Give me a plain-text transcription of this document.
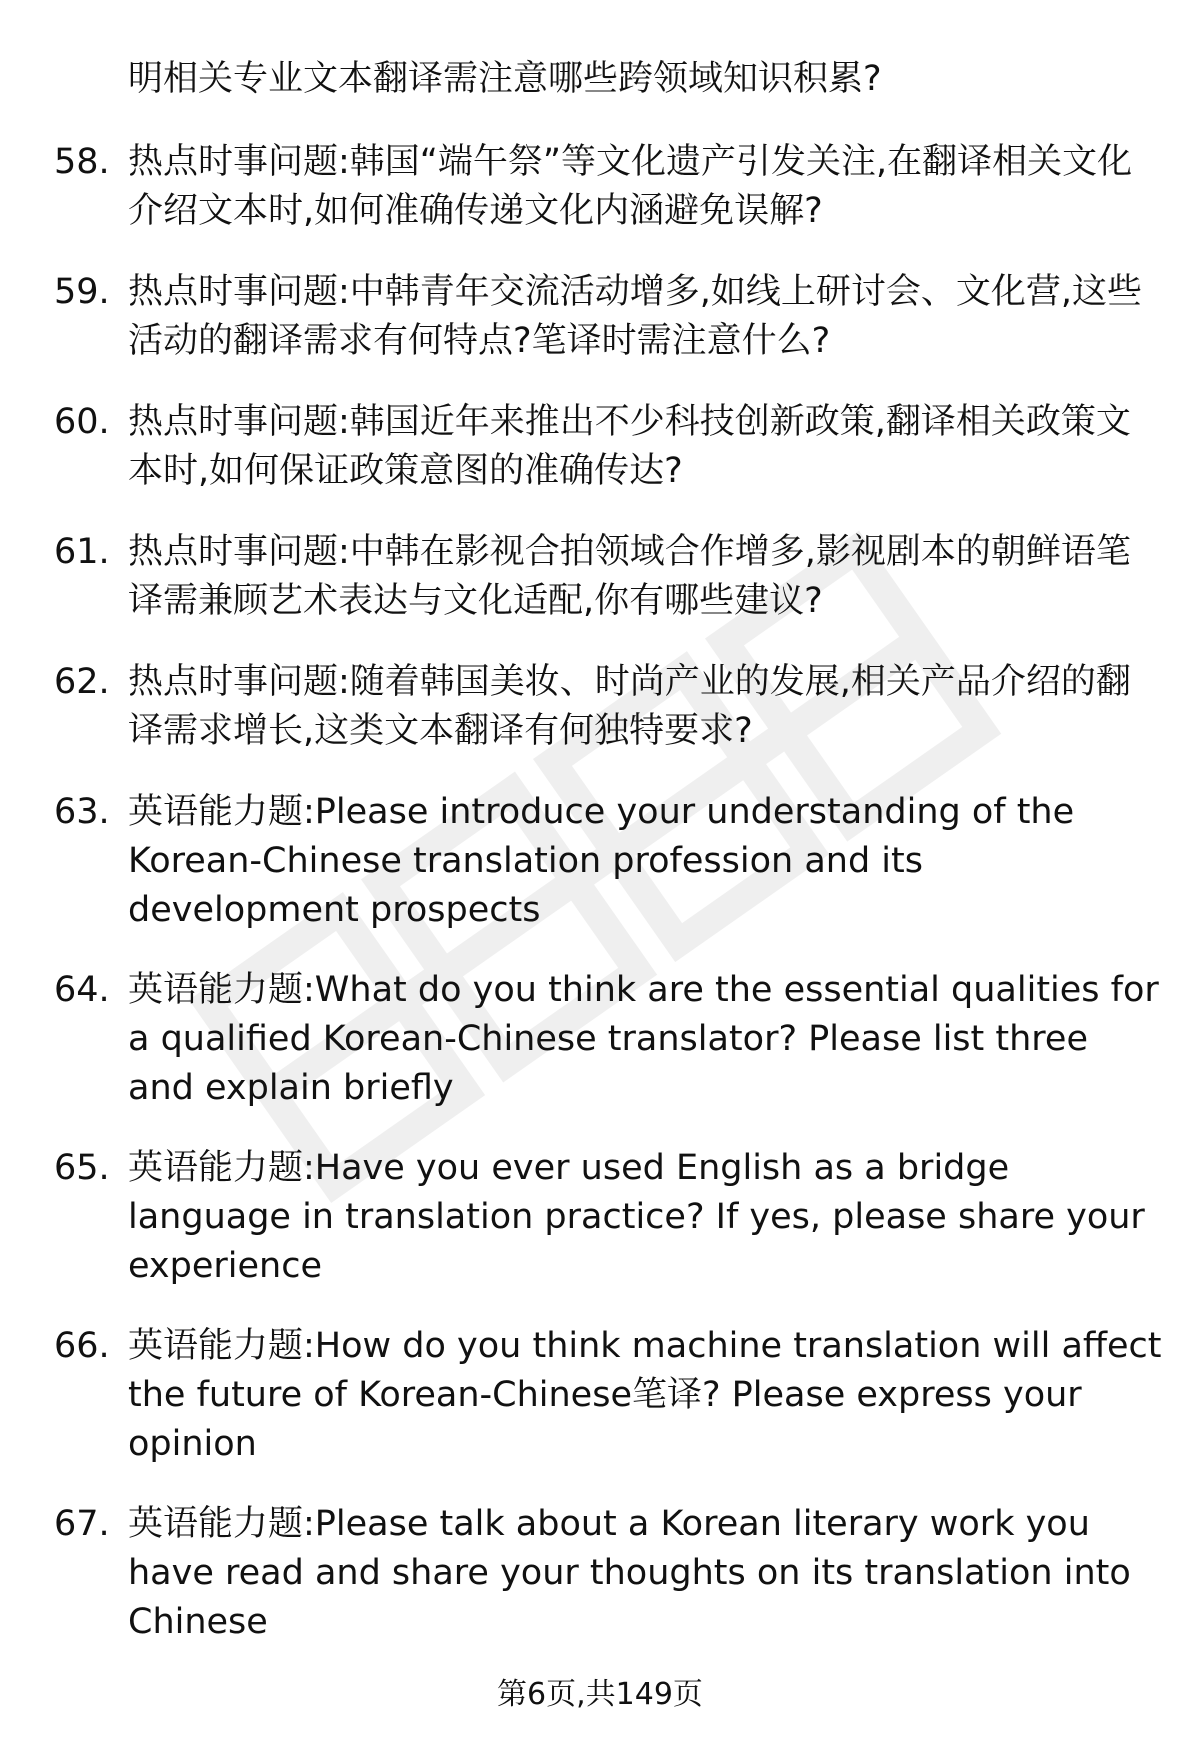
明相关专业文本翻译需注意哪些跨领域知识积累?

58. 热点时事问题:韩国“端午祭”等文化遗产引发关注,在翻译相关文化介绍文本时,如何准确传递文化内涵避免误解?
59. 热点时事问题:中韩青年交流活动增多,如线上研讨会、文化营,这些活动的翻译需求有何特点?笔译时需注意什么?
60. 热点时事问题:韩国近年来推出不少科技创新政策,翻译相关政策文本时,如何保证政策意图的准确传达?
61. 热点时事问题:中韩在影视合拍领域合作增多,影视剧本的朝鲜语笔译需兼顾艺术表达与文化适配,你有哪些建议?
62. 热点时事问题:随着韩国美妆、时尚产业的发展,相关产品介绍的翻译需求增长,这类文本翻译有何独特要求?
63. 英语能力题:Please introduce your understanding of the Korean-Chinese translation profession and its development prospects
64. 英语能力题:What do you think are the essential qualities for a qualified Korean-Chinese translator? Please list three and explain briefly
65. 英语能力题:Have you ever used English as a bridge language in translation practice? If yes, please share your experience
66. 英语能力题:How do you think machine translation will affect the future of Korean-Chinese笔译? Please express your opinion
67. 英语能力题:Please talk about a Korean literary work you have read and share your thoughts on its translation into Chinese
第6页,共149页
